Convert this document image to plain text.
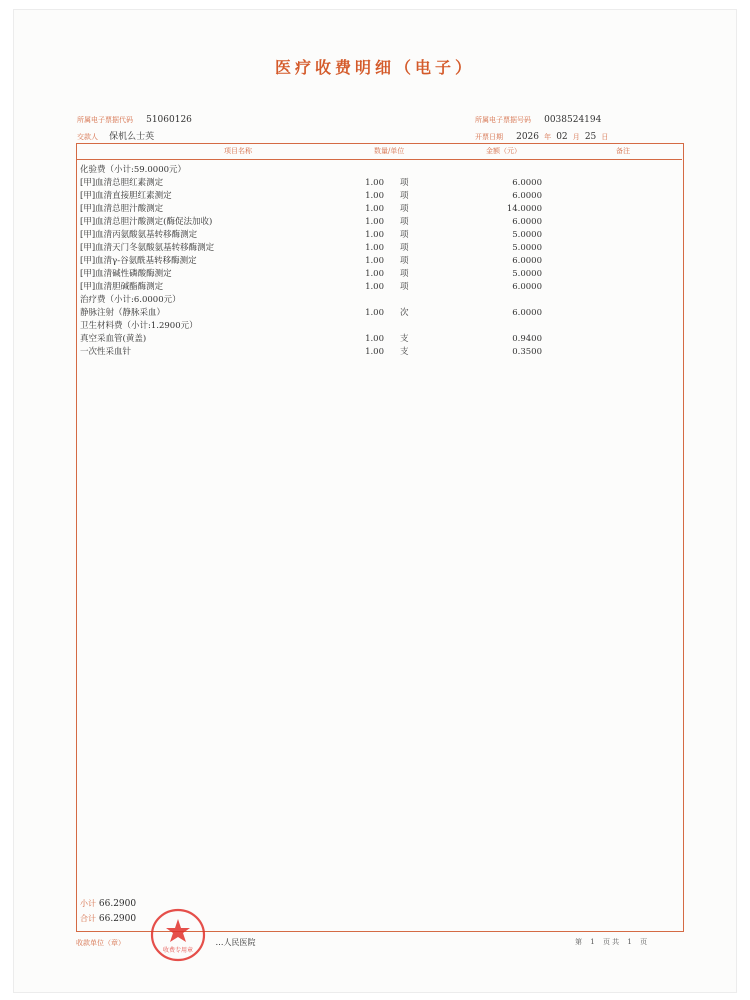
医疗收费明细（电子）
所属电子票据代码 51060126
交款人 保机么士英
所属电子票据号码 0038524194
开票日期 2026 年 02 月 25 日
项目名称	数量/单位	金额（元）	备注
化验费（小计:59.0000元）
[甲]血清总胆红素测定	1.00 项	6.0000
[甲]血清直接胆红素测定	1.00 项	6.0000
[甲]血清总胆汁酸测定	1.00 项	14.0000
[甲]血清总胆汁酸测定(酶促法加收)	1.00 项	6.0000
[甲]血清丙氨酸氨基转移酶测定	1.00 项	5.0000
[甲]血清天门冬氨酸氨基转移酶测定	1.00 项	5.0000
[甲]血清γ-谷氨酰基转移酶测定	1.00 项	6.0000
[甲]血清碱性磷酸酶测定	1.00 项	5.0000
[甲]血清胆碱酯酶测定	1.00 项	6.0000
治疗费（小计:6.0000元）
静脉注射（静脉采血）	1.00 次	6.0000
卫生材料费（小计:1.2900元）
真空采血管(黄盖)	1.00 支	0.9400
一次性采血针	1.00 支	0.3500
小计 66.2900
合计 66.2900
收款单位（章）	…人民医院	第 1 页 共 1 页
收费专用章
